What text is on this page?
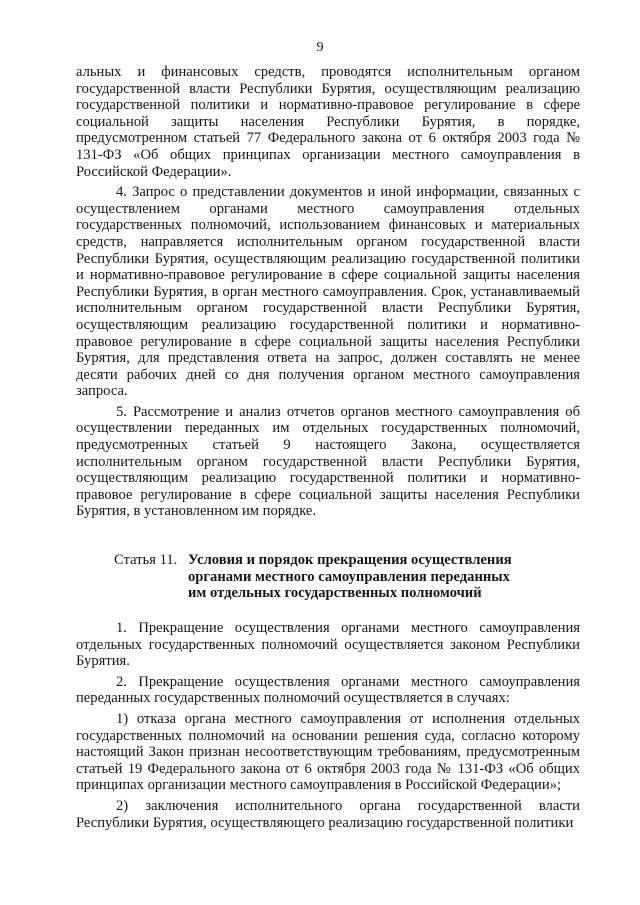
9

альных и финансовых средств, проводятся исполнительным органом государственной власти Республики Бурятия, осуществляющим реализацию государственной политики и нормативно-правовое регулирование в сфере социальной защиты населения Республики Бурятия, в порядке, предусмотренном статьей 77 Федерального закона от 6 октября 2003 года № 131-ФЗ «Об общих принципах организации местного самоуправления в Российской Федерации».

4. Запрос о представлении документов и иной информации, связанных с осуществлением органами местного самоуправления отдельных государственных полномочий, использованием финансовых и материальных средств, направляется исполнительным органом государственной власти Республики Бурятия, осуществляющим реализацию государственной политики и нормативно-правовое регулирование в сфере социальной защиты населения Республики Бурятия, в орган местного самоуправления. Срок, устанавливаемый исполнительным органом государственной власти Республики Бурятия, осуществляющим реализацию государственной политики и нормативно-правовое регулирование в сфере социальной защиты населения Республики Бурятия, для представления ответа на запрос, должен составлять не менее десяти рабочих дней со дня получения органом местного самоуправления запроса.

5. Рассмотрение и анализ отчетов органов местного самоуправления об осуществлении переданных им отдельных государственных полномочий, предусмотренных статьей 9 настоящего Закона, осуществляется исполнительным органом государственной власти Республики Бурятия, осуществляющим реализацию государственной политики и нормативно-правовое регулирование в сфере социальной защиты населения Республики Бурятия, в установленном им порядке.

Статья 11. Условия и порядок прекращения осуществления
органами местного самоуправления переданных
им отдельных государственных полномочий

1. Прекращение осуществления органами местного самоуправления отдельных государственных полномочий осуществляется законом Республики Бурятия.

2. Прекращение осуществления органами местного самоуправления переданных государственных полномочий осуществляется в случаях:

1) отказа органа местного самоуправления от исполнения отдельных государственных полномочий на основании решения суда, согласно которому настоящий Закон признан несоответствующим требованиям, предусмотренным статьей 19 Федерального закона от 6 октября 2003 года № 131-ФЗ «Об общих принципах организации местного самоуправления в Российской Федерации»;

2) заключения исполнительного органа государственной власти Республики Бурятия, осуществляющего реализацию государственной политики
